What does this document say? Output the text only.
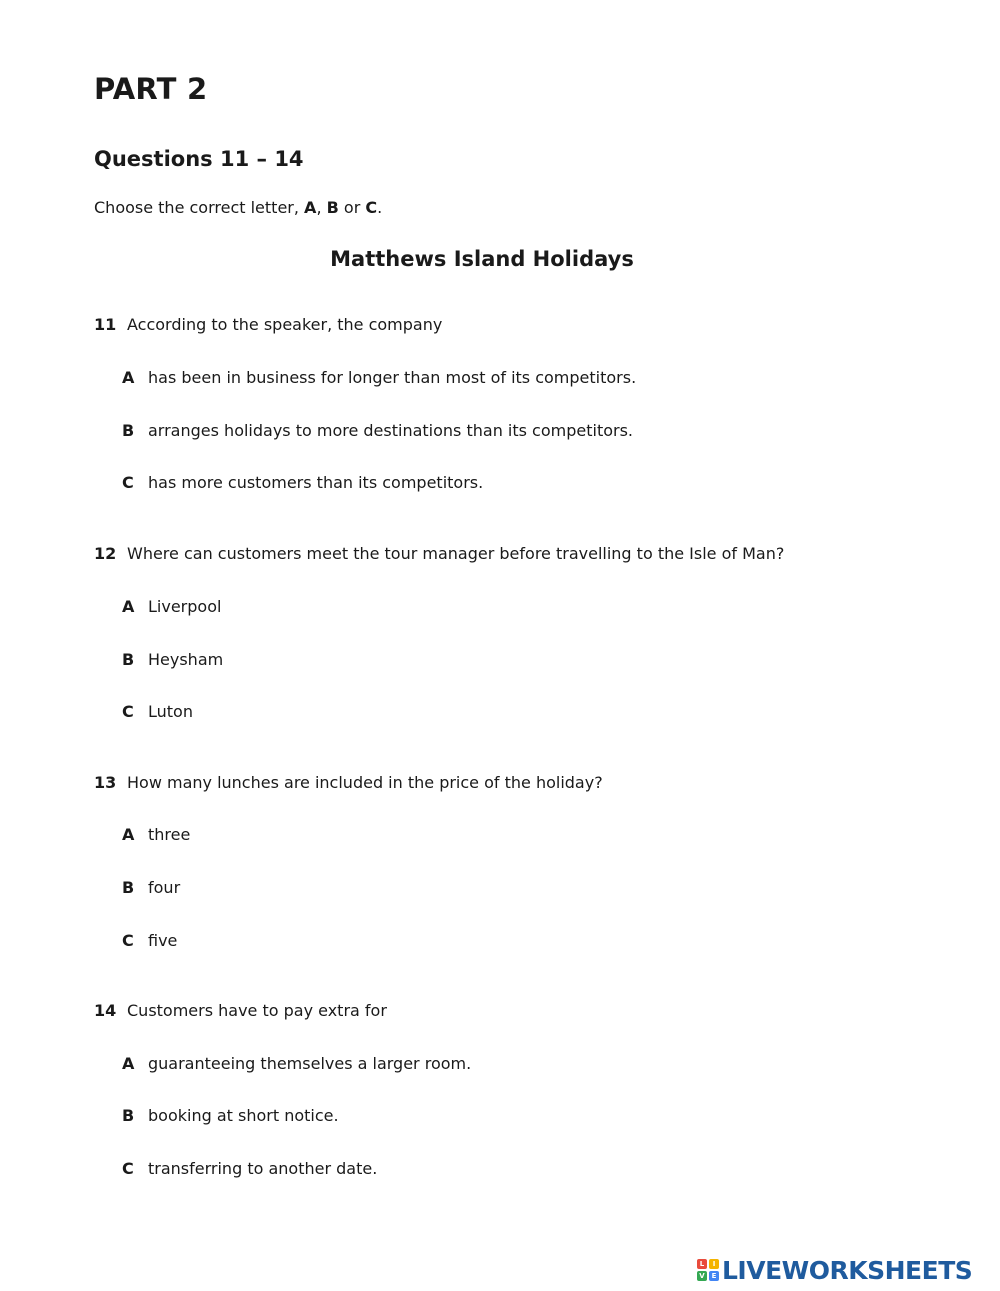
PART 2
Questions 11 – 14

Choose the correct letter, A, B or C.

Matthews Island Holidays

11 According to the speaker, the company

A has been in business for longer than most of its competitors.

B arranges holidays to more destinations than its competitors.

C has more customers than its competitors.

12 Where can customers meet the tour manager before travelling to the Isle of Man?

A Liverpool

B Heysham

C Luton

13 How many lunches are included in the price of the holiday?

A three

B four

C five

14 Customers have to pay extra for

A guaranteeing themselves a larger room.

B booking at short notice.

C transferring to another date.

L	I
V E LIVEWORKSHEETS
